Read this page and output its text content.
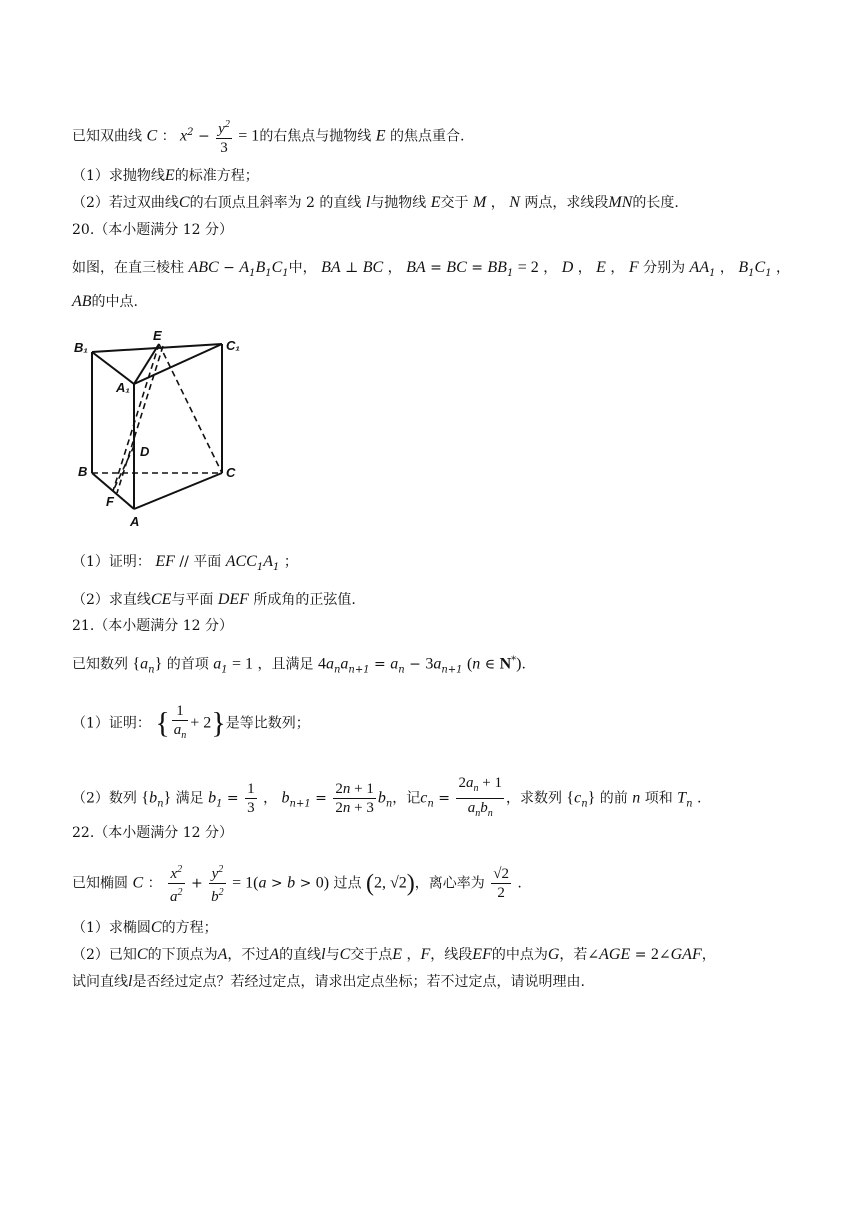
已知双曲线 C ： $x^2 - \frac{y^2}{3} = 1$的右焦点与抛物线 E 的焦点重合.
（1）求抛物线E的标准方程；
（2）若过双曲线C的右顶点且斜率为 2 的直线 l与抛物线 E交于 M ， N 两点，求线段MN的长度.
20.（本小题满分 12 分）
如图，在直三棱柱 ABC − $A_1B_1C_1$中， BA ⊥ BC ， BA = BC = $BB_1 = 2$ ， D ， E ， F 分别为 $AA_1$ ， $B_1C_1$ ，
AB的中点.
B₁	C₁
E
A₁
D
B	C
F
A
（1）证明： EF // 平面 $ACC_1A_1$ ；
（2）求直线CE与平面 DEF 所成角的正弦值.
21.（本小题满分 12 分）
已知数列 $\{a_n\}$ 的首项 $a_1 = 1$ ，且满足 $4a_na_{n+1} = a_n - 3a_{n+1}$ (n ∈ N*).
（1）证明： { $\frac{1}{a_n} + 2$}是等比数列；
（2）数列 $\{b_n\}$ 满足 $b_1 = \frac{1}{3}$ ， $b_{n+1} = \frac{2n + 1}{2n + 3} b_n$，记$c_n = \frac{2a_n + 1}{a_nb_n}$ ，求数列 $\{c_n\}$ 的前 n 项和 $T_n$ .
22.（本小题满分 12 分）
已知椭圆 C ： $\frac{x^2}{a^2} + \frac{y^2}{b^2} = 1(a > b > 0)$ 过点 (2, √2)，离心率为 $\frac{√2}{2}$ .
（1）求椭圆C的方程；
（2）已知C的下顶点为A，不过A的直线l与C交于点E ，F，线段EF的中点为G，若∠AGE = 2∠GAF，
试问直线l是否经过定点？若经过定点，请求出定点坐标；若不过定点，请说明理由.
